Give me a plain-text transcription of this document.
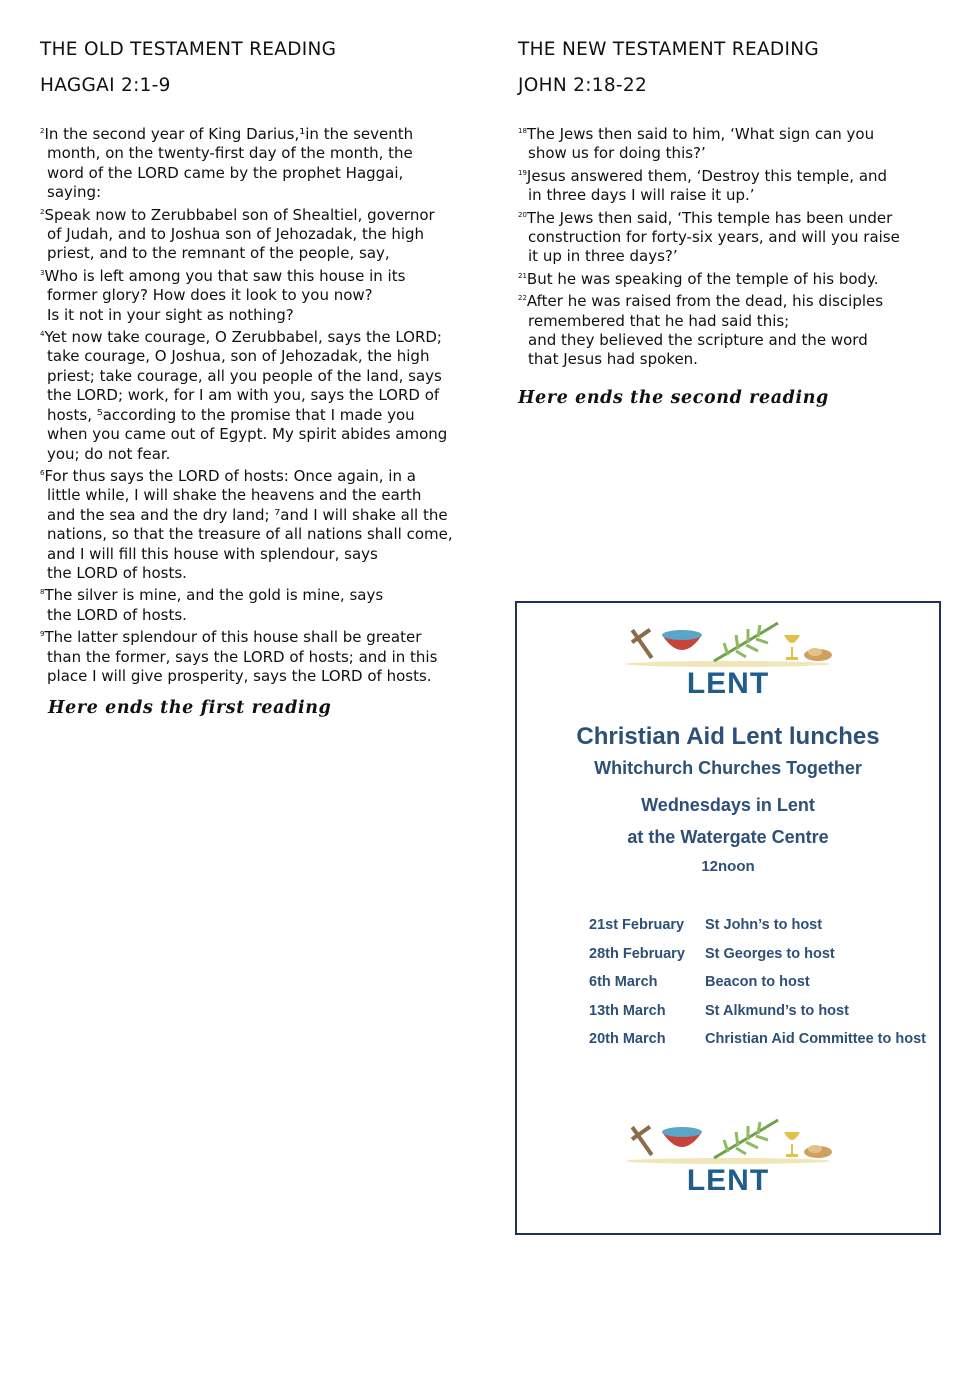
THE OLD TESTAMENT READING
HAGGAI 2:1-9

$^2$In the second year of King Darius,¹in the seventh
month, on the twenty-first day of the month, the
word of the LORD came by the prophet Haggai,
saying:

$^2$Speak now to Zerubbabel son of Shealtiel, governor
of Judah, and to Joshua son of Jehozadak, the high
priest, and to the remnant of the people, say,

$^3$Who is left among you that saw this house in its
former glory? How does it look to you now?
Is it not in your sight as nothing?

$^4$Yet now take courage, O Zerubbabel, says the LORD;
take courage, O Joshua, son of Jehozadak, the high
priest; take courage, all you people of the land, says
the LORD; work, for I am with you, says the LORD of
hosts, ⁵according to the promise that I made you
when you came out of Egypt. My spirit abides among
you; do not fear.

$^6$For thus says the LORD of hosts: Once again, in a
little while, I will shake the heavens and the earth
and the sea and the dry land; ⁷and I will shake all the
nations, so that the treasure of all nations shall come,
and I will fill this house with splendour, says
the LORD of hosts.

$^8$The silver is mine, and the gold is mine, says
the LORD of hosts.

$^9$The latter splendour of this house shall be greater
than the former, says the LORD of hosts; and in this
place I will give prosperity, says the LORD of hosts.

Here ends the first reading
THE NEW TESTAMENT READING
JOHN 2:18-22

$^{18}$The Jews then said to him, ‘What sign can you
show us for doing this?’

$^{19}$Jesus answered them, ‘Destroy this temple, and
in three days I will raise it up.’

$^{20}$The Jews then said, ‘This temple has been under
construction for forty-six years, and will you raise
it up in three days?’

$^{21}$But he was speaking of the temple of his body.

$^{22}$After he was raised from the dead, his disciples
remembered that he had said this;
and they believed the scripture and the word
that Jesus had spoken.

Here ends the second reading
LENT
Christian Aid Lent lunches
Whitchurch Churches Together
Wednesdays in Lent
at the Watergate Centre
12noon
21st February	St John’s to host
28th February	St Georges to host
6th March	Beacon to host
13th March	St Alkmund’s to host
20th March	Christian Aid Committee to host
LENT
